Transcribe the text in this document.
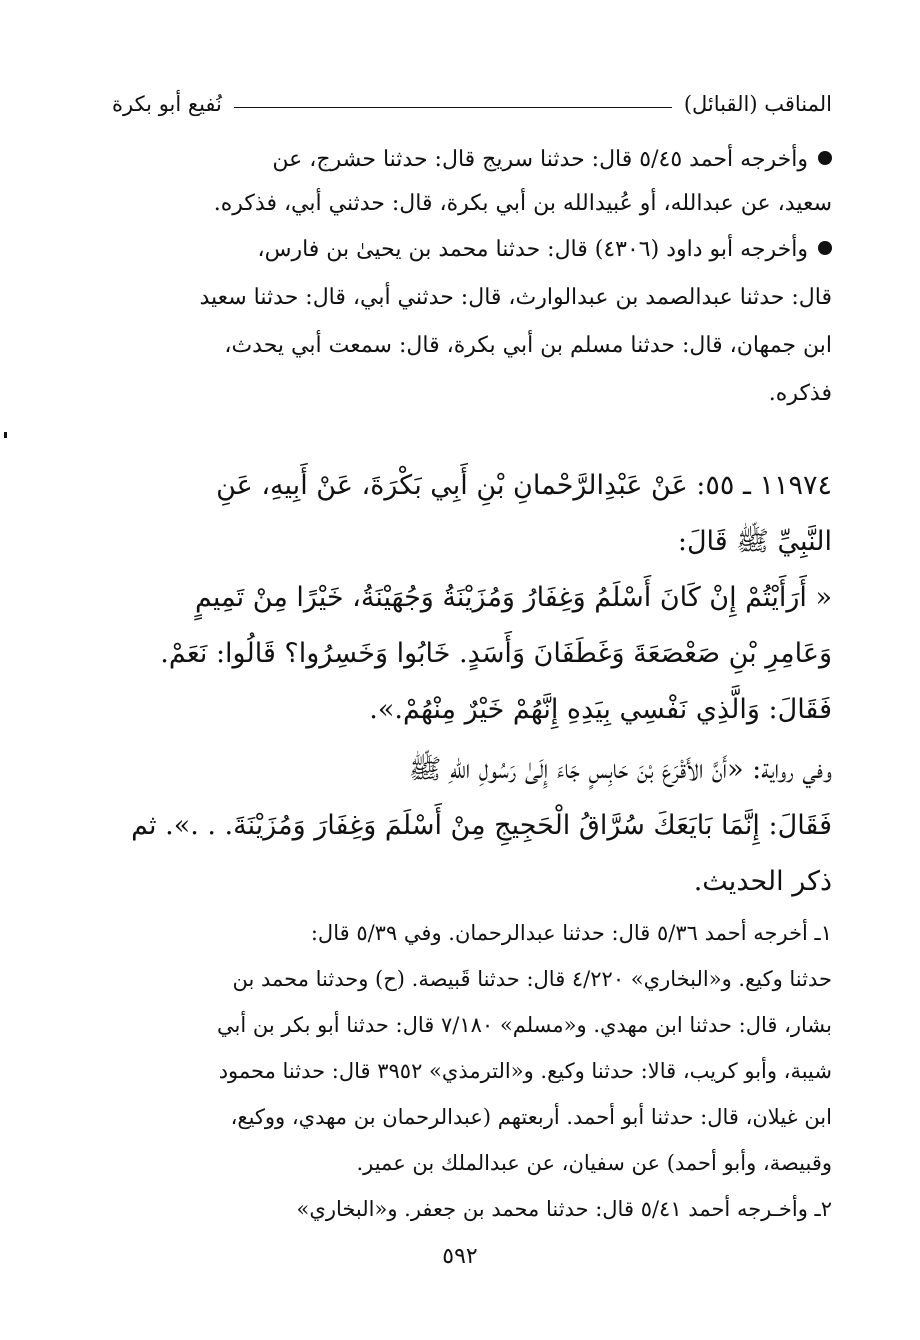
المناقب (القبائل)
نُفيع أبو بكرة
وأخرجه أحمد ٥/٤٥ قال: حدثنا سريج قال: حدثنا حشرج، عن
سعيد، عن عبدالله، أو عُبيدالله بن أبي بكرة، قال: حدثني أبي، فذكره.
وأخرجه أبو داود (٤٣٠٦) قال: حدثنا محمد بن يحيىٰ بن فارس،
قال: حدثنا عبدالصمد بن عبدالوارث، قال: حدثني أبي، قال: حدثنا سعيد
ابن جمهان، قال: حدثنا مسلم بن أبي بكرة، قال: سمعت أبي يحدث،
فذكره.
١١٩٧٤ ـ ٥٥: عَنْ عَبْدِالرَّحْمانِ بْنِ أَبِي بَكْرَةَ، عَنْ أَبِيهِ، عَنِ
النَّبِيِّ ﷺ قَالَ:
« أَرَأَيْتُمْ إِنْ كَانَ أَسْلَمُ وَغِفَارُ وَمُزَيْنَةُ وَجُهَيْنَةُ، خَيْرًا مِنْ تَمِيمٍ
وَعَامِرِ بْنِ صَعْصَعَةَ وَغَطَفَانَ وَأَسَدٍ. خَابُوا وَخَسِرُوا؟ قَالُوا: نَعَمْ.
فَقَالَ: وَالَّذِي نَفْسِي بِيَدِهِ إِنَّهُمْ خَيْرٌ مِنْهُمْ.».
وفي رواية: «أَنَّ الأَقْرَعَ بْنَ حَابِسٍ جَاءَ إِلَىٰ رَسُولِ اللهِ ﷺ
فَقَالَ: إِنَّمَا بَايَعَكَ سُرَّاقُ الْحَجِيجِ مِنْ أَسْلَمَ وَغِفَارَ وَمُزَيْنَةَ. . .». ثم
ذكر الحديث.
١ـ أخرجه أحمد ٥/٣٦ قال: حدثنا عبدالرحمان. وفي ٥/٣٩ قال:
حدثنا وكيع. و«البخاري» ٤/٢٢٠ قال: حدثنا قَبيصة. (ح) وحدثنا محمد بن
بشار، قال: حدثنا ابن مهدي. و«مسلم» ٧/١٨٠ قال: حدثنا أبو بكر بن أبي
شيبة، وأبو كريب، قالا: حدثنا وكيع. و«الترمذي» ٣٩٥٢ قال: حدثنا محمود
ابن غيلان، قال: حدثنا أبو أحمد. أربعتهم (عبدالرحمان بن مهدي، ووكيع،
وقبيصة، وأبو أحمد) عن سفيان، عن عبدالملك بن عمير.
٢ـ وأخـرجه أحمد ٥/٤١ قال: حدثنا محمد بن جعفر. و«البخاري»
٥٩٢
